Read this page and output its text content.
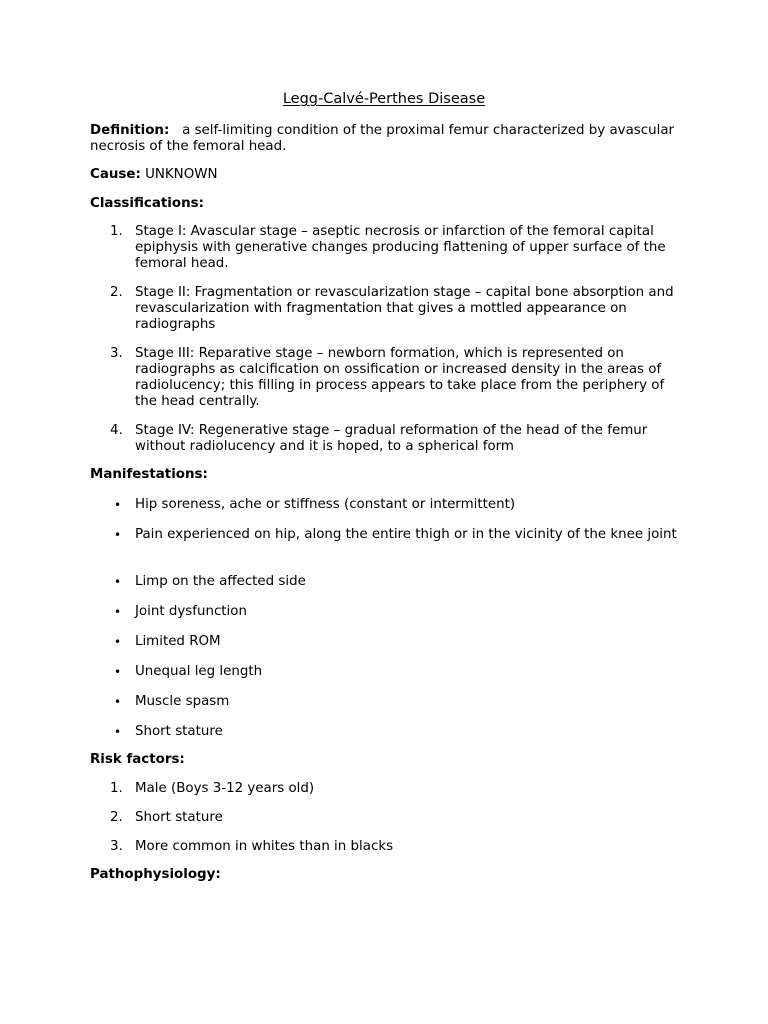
Legg-Calvé-Perthes Disease
Definition: a self-limiting condition of the proximal femur characterized by avascular necrosis of the femoral head.
Cause: UNKNOWN
Classifications:
1. Stage I: Avascular stage – aseptic necrosis or infarction of the femoral capital epiphysis with generative changes producing flattening of upper surface of the femoral head.
2. Stage II: Fragmentation or revascularization stage – capital bone absorption and revascularization with fragmentation that gives a mottled appearance on radiographs
3. Stage III: Reparative stage – newborn formation, which is represented on radiographs as calcification on ossification or increased density in the areas of radiolucency; this filling in process appears to take place from the periphery of the head centrally.
4. Stage IV: Regenerative stage – gradual reformation of the head of the femur without radiolucency and it is hoped, to a spherical form
Manifestations:
• Hip soreness, ache or stiffness (constant or intermittent)
• Pain experienced on hip, along the entire thigh or in the vicinity of the knee joint
• Limp on the affected side
• Joint dysfunction
• Limited ROM
• Unequal leg length
• Muscle spasm
• Short stature
Risk factors:
1. Male (Boys 3-12 years old)
2. Short stature
3. More common in whites than in blacks
Pathophysiology:
